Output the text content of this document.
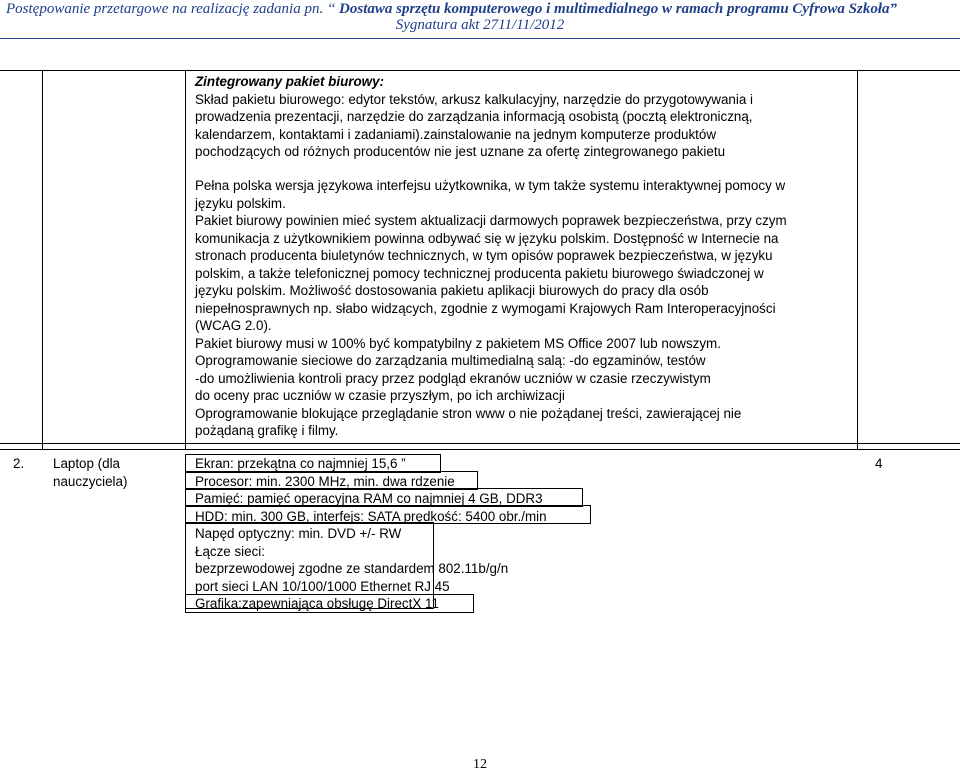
Postępowanie przetargowe na realizację zadania pn. ‘‘ Dostawa sprzętu komputerowego i multimedialnego w ramach programu Cyfrowa Szkoła”
Sygnatura akt 2711/11/2012
Zintegrowany pakiet biurowy:
Skład pakietu biurowego: edytor tekstów, arkusz kalkulacyjny, narzędzie do przygotowywania i
prowadzenia prezentacji, narzędzie do zarządzania informacją osobistą (pocztą elektroniczną,
kalendarzem, kontaktami i zadaniami).zainstalowanie na jednym komputerze produktów
pochodzących od różnych producentów nie jest uznane za ofertę zintegrowanego pakietu
Pełna polska wersja językowa interfejsu użytkownika, w tym także systemu interaktywnej pomocy w
języku polskim.
Pakiet biurowy powinien mieć system aktualizacji darmowych poprawek bezpieczeństwa, przy czym
komunikacja z użytkownikiem powinna odbywać się w języku polskim. Dostępność w Internecie na
stronach producenta biuletynów technicznych, w tym opisów poprawek bezpieczeństwa, w języku
polskim, a także telefonicznej pomocy technicznej producenta pakietu biurowego świadczonej w
języku polskim. Możliwość dostosowania pakietu aplikacji biurowych do pracy dla osób
niepełnosprawnych np. słabo widzących, zgodnie z wymogami Krajowych Ram Interoperacyjności
(WCAG 2.0).
Pakiet biurowy musi w 100% być kompatybilny z pakietem MS Office 2007 lub nowszym.
Oprogramowanie sieciowe do zarządzania multimedialną salą: -do egzaminów, testów
-do umożliwienia kontroli pracy przez podgląd ekranów uczniów w czasie rzeczywistym
do oceny prac uczniów w czasie przyszłym, po ich archiwizacji
Oprogramowanie blokujące przeglądanie stron www o nie pożądanej treści, zawierającej nie
pożądaną grafikę i filmy.
2. Laptop (dla
nauczyciela)
4
Ekran: przekątna co najmniej 15,6 ”
Procesor: min. 2300 MHz, min. dwa rdzenie
Pamięć: pamięć operacyjna RAM co najmniej 4 GB, DDR3
HDD: min. 300 GB, interfejs: SATA prędkość: 5400 obr./min
Napęd optyczny: min. DVD +/- RW
Łącze sieci:
bezprzewodowej zgodne ze standardem 802.11b/g/n
port sieci LAN 10/100/1000 Ethernet RJ 45
Grafika:zapewniająca obsługę DirectX 11
12
